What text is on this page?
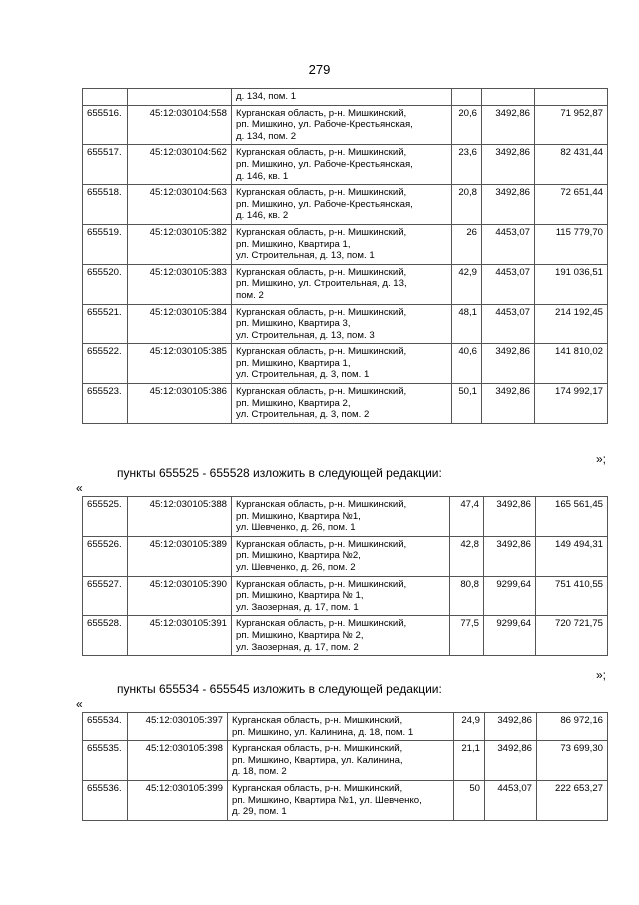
279

		д. 134, пом. 1			

655516.	45:12:030104:558	Курганская область, р-н. Мишкинский,
рп. Мишкино, ул. Рабоче-Крестьянская,
д. 134, пом. 2	20,6	3492,86	71 952,87
655517.	45:12:030104:562	Курганская область, р-н. Мишкинский,
рп. Мишкино, ул. Рабоче-Крестьянская,
д. 146, кв. 1	23,6	3492,86	82 431,44
655518.	45:12:030104:563	Курганская область, р-н. Мишкинский,
рп. Мишкино, ул. Рабоче-Крестьянская,
д. 146, кв. 2	20,8	3492,86	72 651,44
655519.	45:12:030105:382	Курганская область, р-н. Мишкинский,
рп. Мишкино, Квартира 1,
ул. Строительная, д. 13, пом. 1	26	4453,07	115 779,70
655520.	45:12:030105:383	Курганская область, р-н. Мишкинский,
рп. Мишкино, ул. Строительная, д. 13,
пом. 2	42,9	4453,07	191 036,51
655521.	45:12:030105:384	Курганская область, р-н. Мишкинский,
рп. Мишкино, Квартира 3,
ул. Строительная, д. 13, пом. 3	48,1	4453,07	214 192,45
655522.	45:12:030105:385	Курганская область, р-н. Мишкинский,
рп. Мишкино, Квартира 1,
ул. Строительная, д. 3, пом. 1	40,6	3492,86	141 810,02
655523.	45:12:030105:386	Курганская область, р-н. Мишкинский,
рп. Мишкино, Квартира 2,
ул. Строительная, д. 3, пом. 2	50,1	3492,86	174 992,17
»;
пункты 655525 - 655528 изложить в следующей редакции:
«
655525.	45:12:030105:388	Курганская область, р-н. Мишкинский,
рп. Мишкино, Квартира №1,
ул. Шевченко, д. 26, пом. 1	47,4	3492,86	165 561,45
655526.	45:12:030105:389	Курганская область, р-н. Мишкинский,
рп. Мишкино, Квартира №2,
ул. Шевченко, д. 26, пом. 2	42,8	3492,86	149 494,31
655527.	45:12:030105:390	Курганская область, р-н. Мишкинский,
рп. Мишкино, Квартира № 1,
ул. Заозерная, д. 17, пом. 1	80,8	9299,64	751 410,55
655528.	45:12:030105:391	Курганская область, р-н. Мишкинский,
рп. Мишкино, Квартира № 2,
ул. Заозерная, д. 17, пом. 2	77,5	9299,64	720 721,75
»;
пункты 655534 - 655545 изложить в следующей редакции:
«
655534.	45:12:030105:397	Курганская область, р-н. Мишкинский,
рп. Мишкино, ул. Калинина, д. 18, пом. 1	24,9	3492,86	86 972,16
655535.	45:12:030105:398	Курганская область, р-н. Мишкинский,
рп. Мишкино, Квартира, ул. Калинина,
д. 18, пом. 2	21,1	3492,86	73 699,30
655536.	45:12:030105:399	Курганская область, р-н. Мишкинский,
рп. Мишкино, Квартира №1, ул. Шевченко,
д. 29, пом. 1	50	4453,07	222 653,27
